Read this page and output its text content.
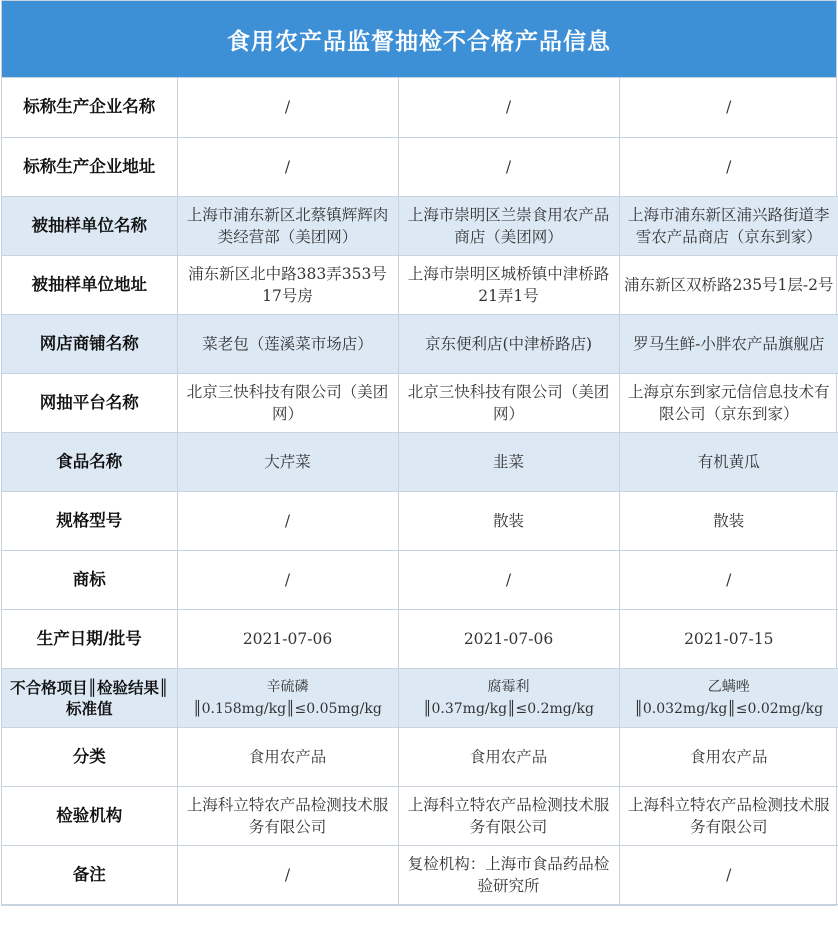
食用农产品监督抽检不合格产品信息
标称生产企业名称	/	/	/
标称生产企业地址	/	/	/
被抽样单位名称	上海市浦东新区北蔡镇辉辉肉类经营部（美团网）	上海市崇明区兰崇食用农产品商店（美团网）	上海市浦东新区浦兴路街道李雪农产品商店（京东到家）
被抽样单位地址	浦东新区北中路383弄353号17号房	上海市崇明区城桥镇中津桥路21弄1号	浦东新区双桥路235号1层-2号
网店商铺名称	菜老包（莲溪菜市场店）	京东便利店(中津桥路店)	罗马生鲜-小胖农产品旗舰店
网抽平台名称	北京三快科技有限公司（美团网）	北京三快科技有限公司（美团网）	上海京东到家元信信息技术有限公司（京东到家）
食品名称	大芹菜	韭菜	有机黄瓜
规格型号	/	散装	散装
商标	/	/	/
生产日期/批号	2021-07-06	2021-07-06	2021-07-15
不合格项目║检验结果║标准值	辛硫磷║0.158mg/kg║≤0.05mg/kg	腐霉利║0.37mg/kg║≤0.2mg/kg	乙螨唑║0.032mg/kg║≤0.02mg/kg
分类	食用农产品	食用农产品	食用农产品
检验机构	上海科立特农产品检测技术服务有限公司	上海科立特农产品检测技术服务有限公司	上海科立特农产品检测技术服务有限公司
备注	/	复检机构：上海市食品药品检验研究所	/
